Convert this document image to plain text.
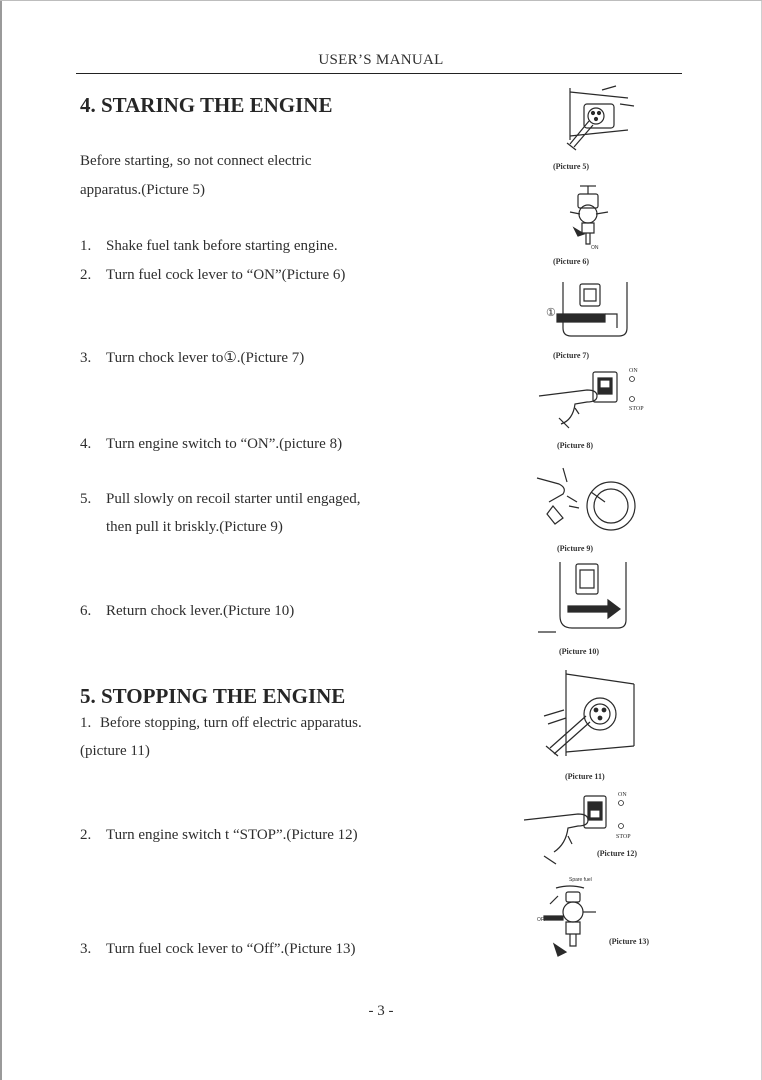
USER’S MANUAL
4. STARING THE ENGINE
Before starting, so not connect electric
apparatus.(Picture 5)
1. Shake fuel tank before starting engine.
2. Turn fuel cock lever to “ON”(Picture 6)
3. Turn chock lever to①.(Picture 7)
4. Turn engine switch to “ON”.(picture 8)
5. Pull slowly on recoil starter until engaged,
then pull it briskly.(Picture 9)
6. Return chock lever.(Picture 10)
5. STOPPING THE ENGINE
1. Before stopping, turn off electric apparatus.
(picture 11)
2. Turn engine switch t “STOP”.(Picture 12)
3. Turn fuel cock lever to “Off”.(Picture 13)
(Picture 5)
ON
(Picture 6)
①
(Picture 7)
ON
STOP
(Picture 8)
(Picture 9)
(Picture 10)
(Picture 11)
ON
STOP
(Picture 12)
Spare fuel
OFF
(Picture 13)
- 3 -
